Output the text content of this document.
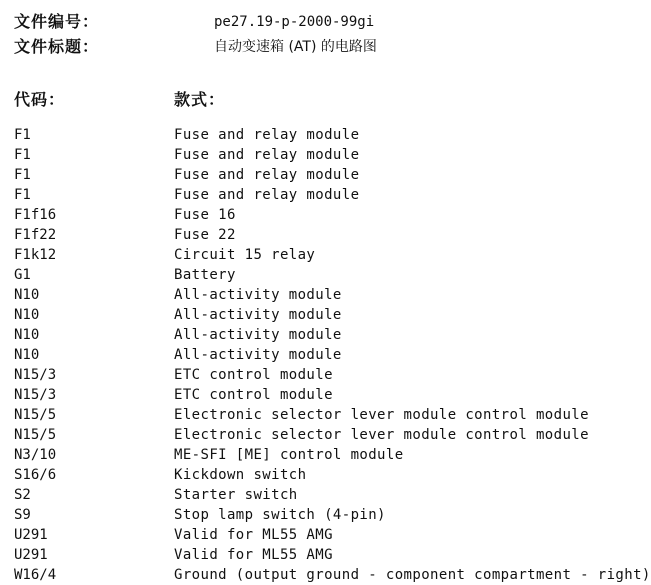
文件编号：	pe27.19-p-2000-99gi
文件标题：	自动变速箱 (AT) 的电路图
代码：	款式：
F1	Fuse and relay module
F1	Fuse and relay module
F1	Fuse and relay module
F1	Fuse and relay module
F1f16	Fuse 16
F1f22	Fuse 22
F1k12	Circuit 15 relay
G1	Battery
N10	All-activity module
N10	All-activity module
N10	All-activity module
N10	All-activity module
N15/3	ETC control module
N15/3	ETC control module
N15/5	Electronic selector lever module control module
N15/5	Electronic selector lever module control module
N3/10	ME-SFI [ME] control module
S16/6	Kickdown switch
S2	Starter switch
S9	Stop lamp switch (4-pin)
U291	Valid for ML55 AMG
U291	Valid for ML55 AMG
W16/4	Ground (output ground - component compartment - right)
